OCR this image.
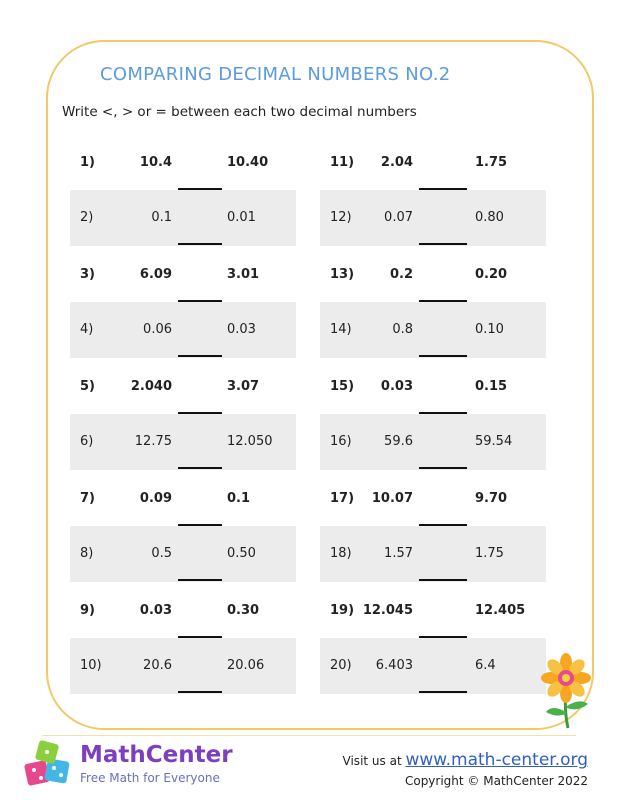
COMPARING DECIMAL NUMBERS NO.2
Write <, > or = between each two decimal numbers
1)	10.4	10.40
2)	0.1	0.01
3)	6.09	3.01
4)	0.06	0.03
5)	2.040	3.07
6)	12.75	12.050
7)	0.09	0.1
8)	0.5	0.50
9)	0.03	0.30
10)	20.6	20.06
11) 2.04	1.75
12) 0.07	0.80
13)	0.2	0.20
14)	0.8	0.10
15) 0.03	0.15
16) 59.6	59.54
17) 10.07	9.70
18) 1.57	1.75
19) 12.045	12.405
20) 6.403	6.4
MathCenter
Free Math for Everyone
Visit us at www.math-center.org
Copyright © MathCenter 2022
